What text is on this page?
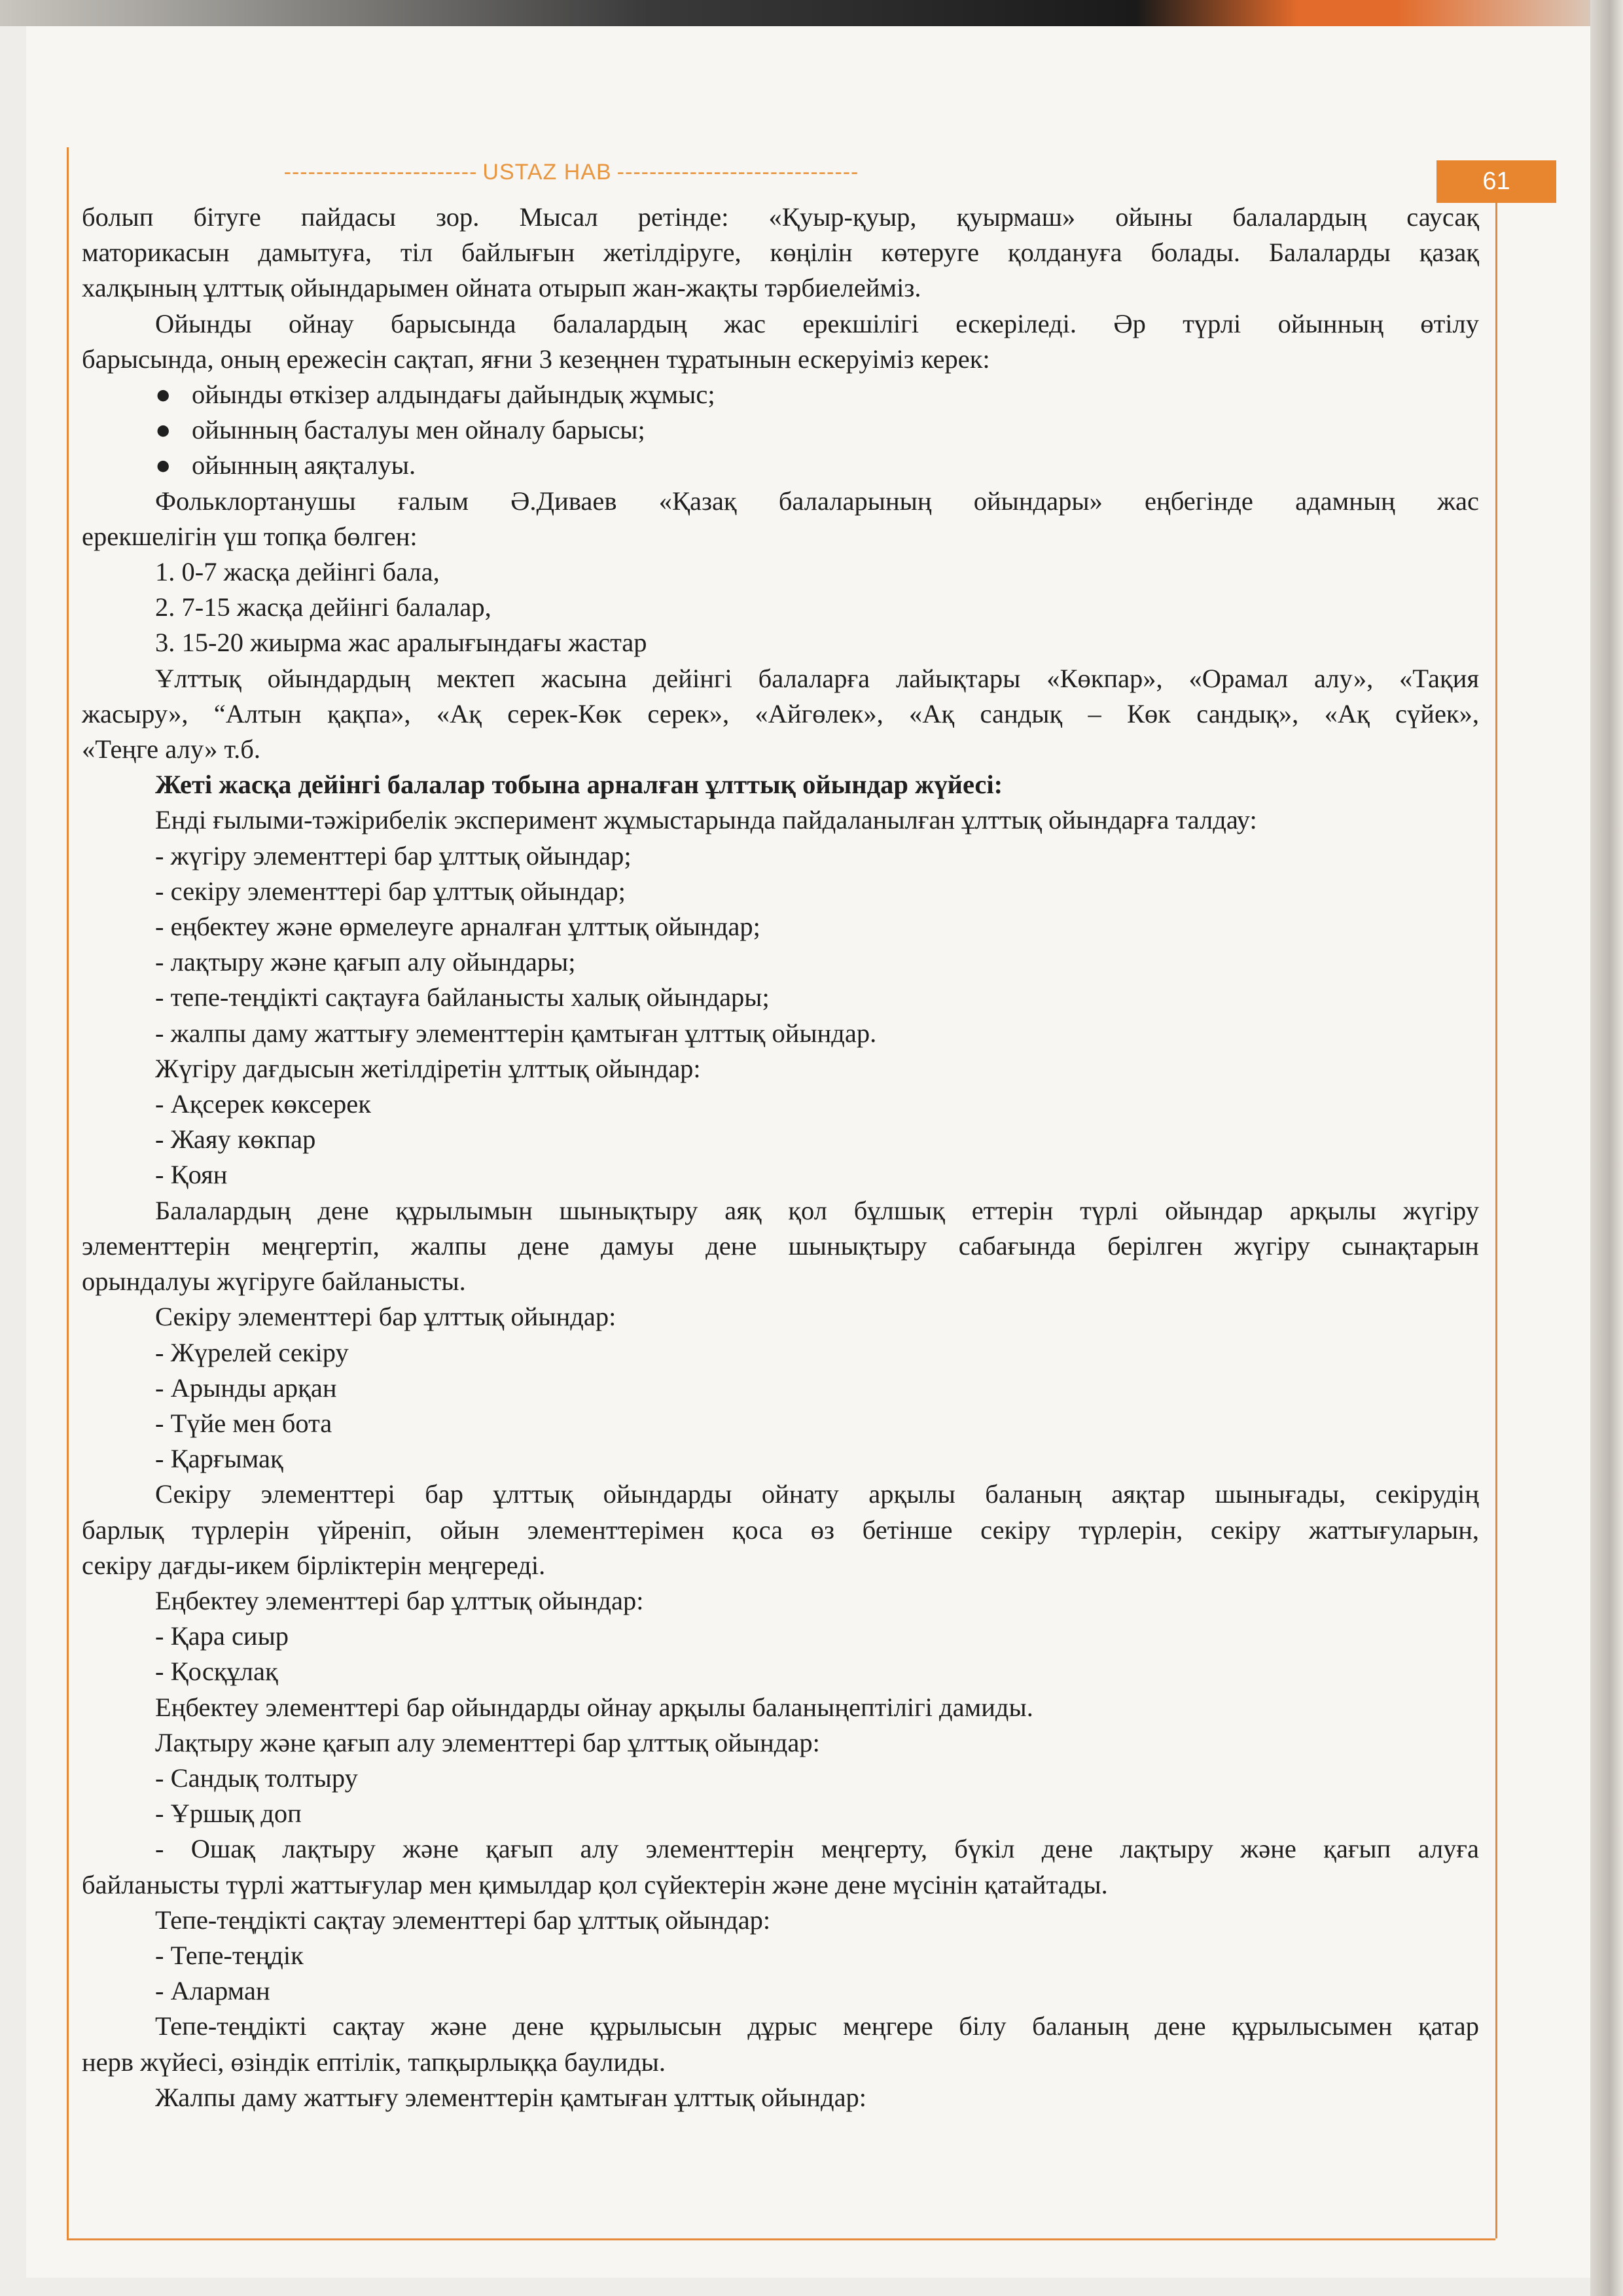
------------------------ USTAZ HAB ------------------------------	61

болып бітуге пайдасы зор. Мысал ретінде: «Қуыр-қуыр, қуырмаш» ойыны балалардың саусақ

маторикасын дамытуға, тіл байлығын жетілдіруге, көңілін көтеруге қолдануға болады. Балаларды қазақ

халқының ұлттық ойындарымен ойната отырып жан-жақты тәрбиелейміз.

Ойынды ойнау барысында балалардың жас ерекшілігі ескеріледі. Әр түрлі ойынның өтілу

барысында, оның ережесін сақтап, яғни 3 кезеңнен тұратынын ескеруіміз керек:

● ойынды өткізер алдындағы дайындық жұмыс;

● ойынның басталуы мен ойналу барысы;

● ойынның аяқталуы.

Фольклортанушы ғалым Ә.Диваев «Қазақ балаларының ойындары» еңбегінде адамның жас

ерекшелігін үш топқа бөлген:

1. 0-7 жасқа дейінгі бала,

2. 7-15 жасқа дейінгі балалар,

3. 15-20 жиырма жас аралығындағы жастар

Ұлттық ойындардың мектеп жасына дейінгі балаларға лайықтары «Көкпар», «Орамал алу», «Тақия

жасыру», “Алтын қақпа», «Ақ серек-Көк серек», «Айгөлек», «Ақ сандық – Көк сандық», «Ақ сүйек»,

«Теңге алу» т.б.

Жеті жасқа дейінгі балалар тобына арналған ұлттық ойындар жүйесі:

Енді ғылыми-тәжірибелік эксперимент жұмыстарында пайдаланылған ұлттық ойындарға талдау:

- жүгіру элементтері бар ұлттық ойындар;

- секіру элементтері бар ұлттық ойындар;

- еңбектеу және өрмелеуге арналған ұлттық ойындар;

- лақтыру және қағып алу ойындары;

- тепе-теңдікті сақтауға байланысты халық ойындары;

- жалпы даму жаттығу элементтерін қамтыған ұлттық ойындар.

Жүгіру дағдысын жетілдіретін ұлттық ойындар:

- Ақсерек көксерек

- Жаяу көкпар

- Қоян

Балалардың дене құрылымын шынықтыру аяқ қол бұлшық еттерін түрлі ойындар арқылы жүгіру

элементтерін меңгертіп, жалпы дене дамуы дене шынықтыру сабағында берілген жүгіру сынақтарын

орындалуы жүгіруге байланысты.

Секіру элементтері бар ұлттық ойындар:

- Жүрелей секіру

- Арынды арқан

- Түйе мен бота

- Қарғымақ

Секіру элементтері бар ұлттық ойындарды ойнату арқылы баланың аяқтар шынығады, секірудің

барлық түрлерін үйреніп, ойын элементтерімен қоса өз бетінше секіру түрлерін, секіру жаттығуларын,

секіру дағды-икем бірліктерін меңгереді.

Еңбектеу элементтері бар ұлттық ойындар:

- Қара сиыр

- Қосқұлақ

Еңбектеу элементтері бар ойындарды ойнау арқылы баланыңептілігі дамиды.

Лақтыру және қағып алу элементтері бар ұлттық ойындар:

- Сандық толтыру

- Ұршық доп

- Ошақ лақтыру және қағып алу элементтерін меңгерту, бүкіл дене лақтыру және қағып алуға

байланысты түрлі жаттығулар мен қимылдар қол сүйектерін және дене мүсінін қатайтады.

Тепе-теңдікті сақтау элементтері бар ұлттық ойындар:

- Тепе-теңдік

- Аларман

Тепе-теңдікті сақтау және дене құрылысын дұрыс меңгере білу баланың дене құрылысымен қатар

нерв жүйесі, өзіндік ептілік, тапқырлыққа баулиды.

Жалпы даму жаттығу элементтерін қамтыған ұлттық ойындар:
